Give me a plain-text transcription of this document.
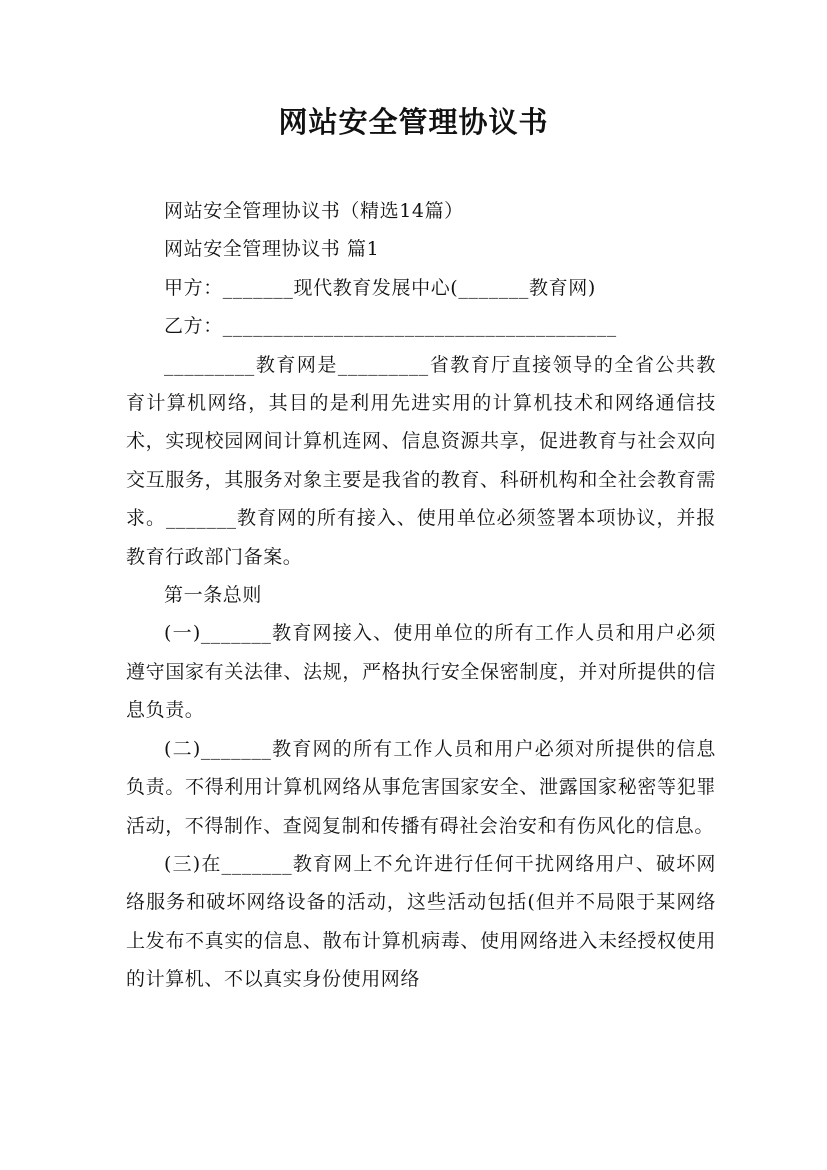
网站安全管理协议书

网站安全管理协议书（精选14篇）

网站安全管理协议书 篇1

甲方：_______现代教育发展中心(_______教育网)

乙方：_______________________________________

_________教育网是_________省教育厅直接领导的全省公共教育计算机网络，其目的是利用先进实用的计算机技术和网络通信技术，实现校园网间计算机连网、信息资源共享，促进教育与社会双向交互服务，其服务对象主要是我省的教育、科研机构和全社会教育需求。_______教育网的所有接入、使用单位必须签署本项协议，并报教育行政部门备案。

第一条总则

(一)_______教育网接入、使用单位的所有工作人员和用户必须遵守国家有关法律、法规，严格执行安全保密制度，并对所提供的信息负责。

(二)_______教育网的所有工作人员和用户必须对所提供的信息负责。不得利用计算机网络从事危害国家安全、泄露国家秘密等犯罪活动，不得制作、查阅复制和传播有碍社会治安和有伤风化的信息。

(三)在_______教育网上不允许进行任何干扰网络用户、破坏网络服务和破坏网络设备的活动，这些活动包括(但并不局限于某网络上发布不真实的信息、散布计算机病毒、使用网络进入未经授权使用的计算机、不以真实身份使用网络
